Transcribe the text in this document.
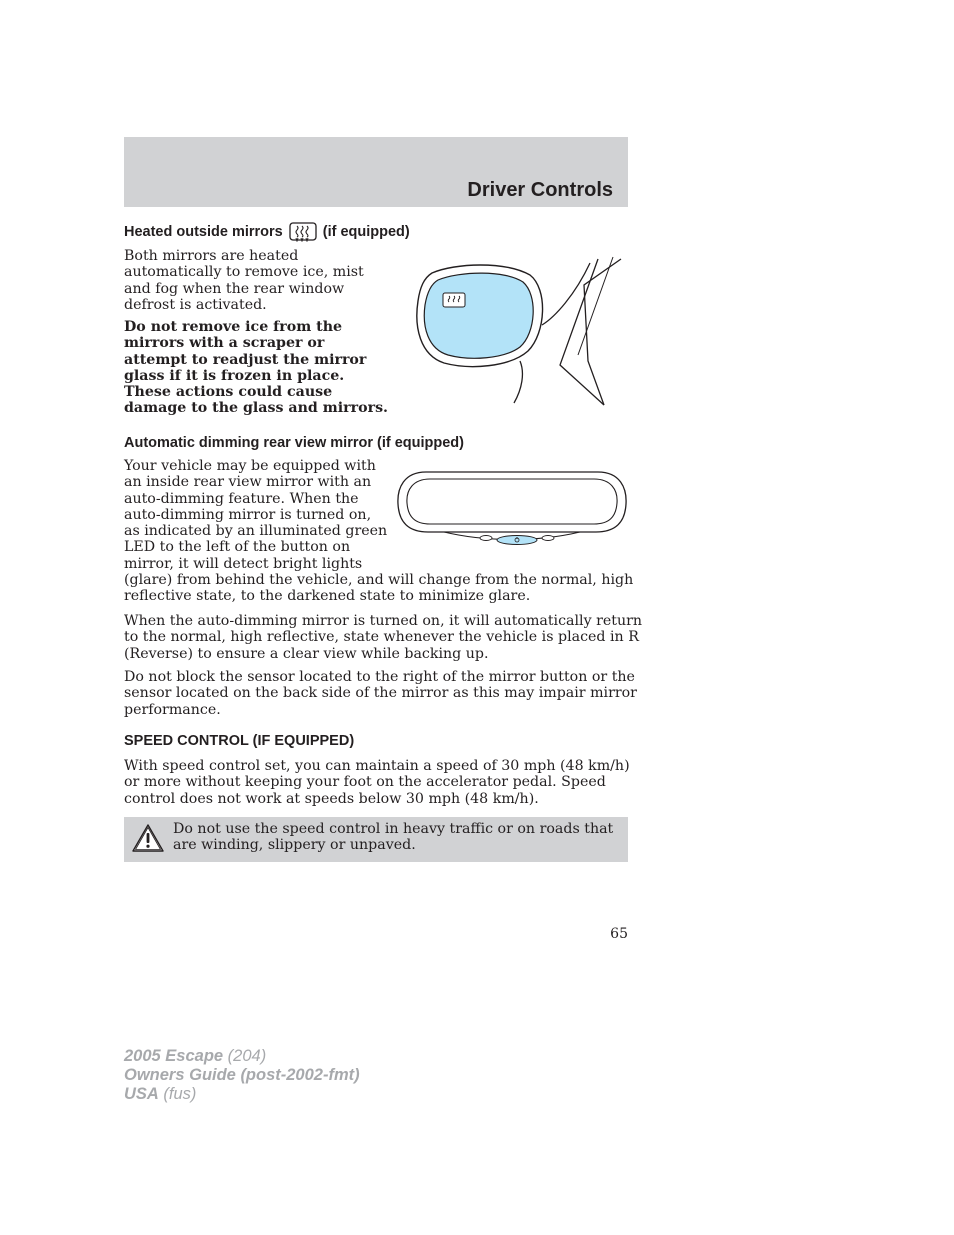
Driver Controls
Heated outside mirrors	(if equipped)
Both mirrors are heated
automatically to remove ice, mist
and fog when the rear window
defrost is activated.
Do not remove ice from the
mirrors with a scraper or
attempt to readjust the mirror
glass if it is frozen in place.
These actions could cause
damage to the glass and mirrors.
Automatic dimming rear view mirror (if equipped)
Your vehicle may be equipped with
an inside rear view mirror with an
auto-dimming feature. When the
auto-dimming mirror is turned on,
as indicated by an illuminated green
LED to the left of the button on
mirror, it will detect bright lights
(glare) from behind the vehicle, and will change from the normal, high
reflective state, to the darkened state to minimize glare.
When the auto-dimming mirror is turned on, it will automatically return
to the normal, high reflective, state whenever the vehicle is placed in R
(Reverse) to ensure a clear view while backing up.
Do not block the sensor located to the right of the mirror button or the
sensor located on the back side of the mirror as this may impair mirror
performance.
SPEED CONTROL (IF EQUIPPED)
With speed control set, you can maintain a speed of 30 mph (48 km/h)
or more without keeping your foot on the accelerator pedal. Speed
control does not work at speeds below 30 mph (48 km/h).
Do not use the speed control in heavy traffic or on roads that
are winding, slippery or unpaved.
65
2005 Escape (204)
Owners Guide (post-2002-fmt)
USA (fus)
